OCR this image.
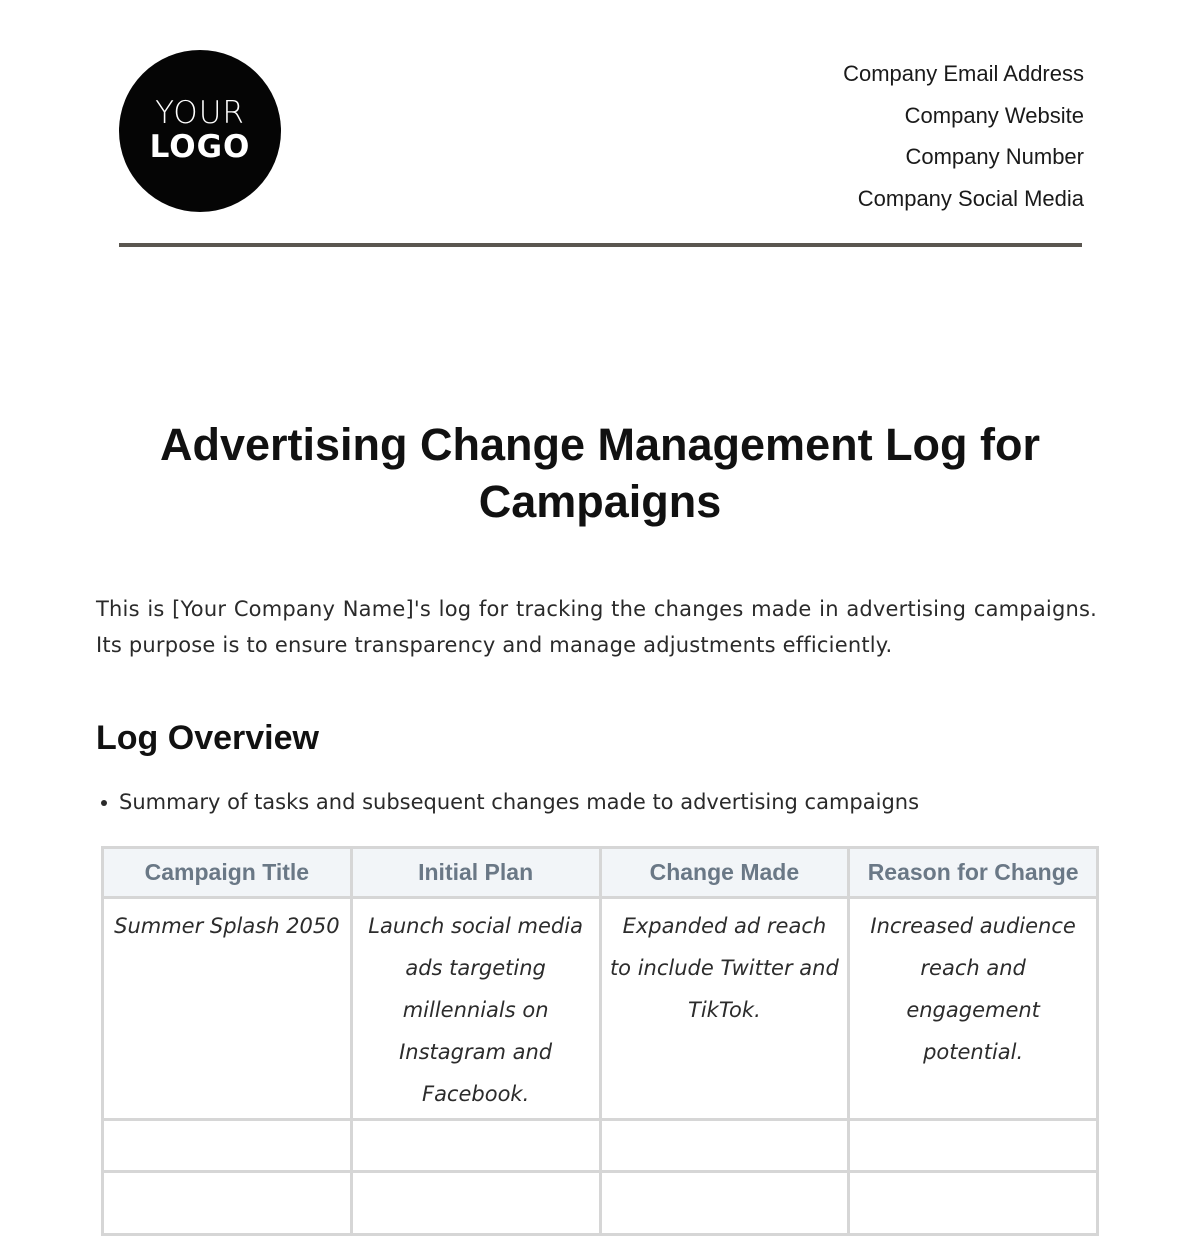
YOUR
LOGO
Company Email Address
Company Website
Company Number
Company Social Media
Advertising Change Management Log for Campaigns

This is [Your Company Name]'s log for tracking the changes made in advertising campaigns. Its purpose is to ensure transparency and manage adjustments efficiently.

Log Overview
Summary of tasks and subsequent changes made to advertising campaigns
Campaign Title	Initial Plan	Change Made	Reason for Change
Summer Splash 2050	Launch social media ads targeting millennials on Instagram and Facebook.	Expanded ad reach to include Twitter and TikTok.	Increased audience reach and engagement potential.
